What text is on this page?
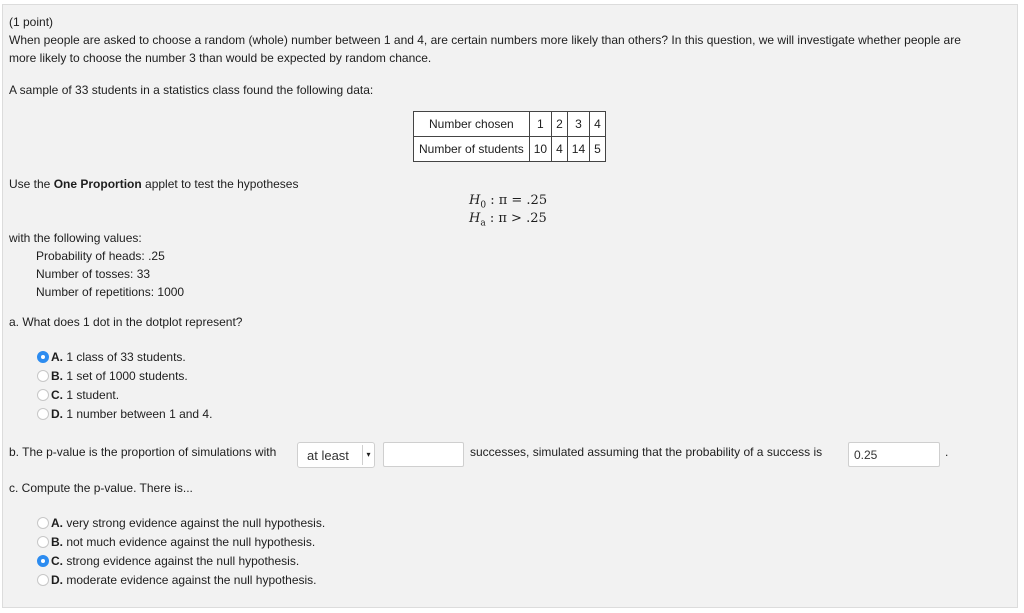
(1 point)
When people are asked to choose a random (whole) number between 1 and 4, are certain numbers more likely than others? In this question, we will investigate whether people are
more likely to choose the number 3 than would be expected by random chance.
A sample of 33 students in a statistics class found the following data:
Number chosen	1	2	3	4
Number of students	10	4	14	5
Use the One Proportion applet to test the hypotheses
$H_0$ : π = .25
$H_a$ : π > .25
with the following values:
Probability of heads: .25
Number of tosses: 33
Number of repetitions: 1000
a. What does 1 dot in the dotplot represent?
A. 1 class of 33 students.
B. 1 set of 1000 students.
C. 1 student.
D. 1 number between 1 and 4.
b. The p-value is the proportion of simulations with at least	▾	successes, simulated assuming that the probability of a success is	0.25	.
c. Compute the p-value. There is...
A. very strong evidence against the null hypothesis.
B. not much evidence against the null hypothesis.
C. strong evidence against the null hypothesis.
D. moderate evidence against the null hypothesis.
